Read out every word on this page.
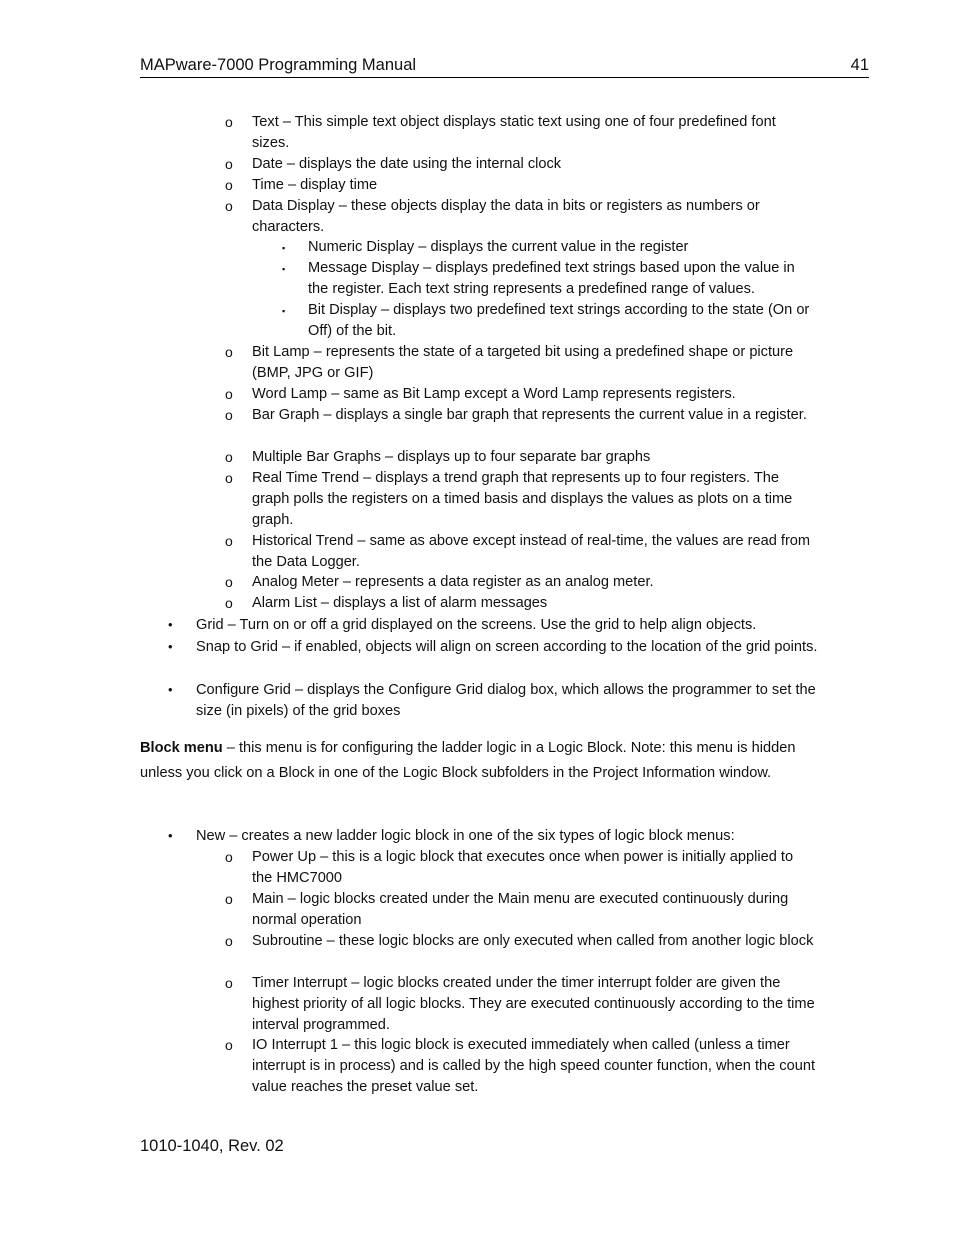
MAPware-7000 Programming Manual	41
o Text – This simple text object displays static text using one of four predefined font sizes.
o Date – displays the date using the internal clock
o Time – display time
o Data Display – these objects display the data in bits or registers as numbers or characters.
▪ Numeric Display – displays the current value in the register
▪ Message Display – displays predefined text strings based upon the value in the register. Each text string represents a predefined range of values.
▪ Bit Display – displays two predefined text strings according to the state (On or Off) of the bit.
o Bit Lamp – represents the state of a targeted bit using a predefined shape or picture (BMP, JPG or GIF)
o Word Lamp – same as Bit Lamp except a Word Lamp represents registers.
o Bar Graph – displays a single bar graph that represents the current value in a register.
o Multiple Bar Graphs – displays up to four separate bar graphs
o Real Time Trend – displays a trend graph that represents up to four registers. The graph polls the registers on a timed basis and displays the values as plots on a time graph.
o Historical Trend – same as above except instead of real-time, the values are read from the Data Logger.
o Analog Meter – represents a data register as an analog meter.
o Alarm List – displays a list of alarm messages
• Grid – Turn on or off a grid displayed on the screens. Use the grid to help align objects.
• Snap to Grid – if enabled, objects will align on screen according to the location of the grid points.
• Configure Grid – displays the Configure Grid dialog box, which allows the programmer to set the size (in pixels) of the grid boxes
Block menu – this menu is for configuring the ladder logic in a Logic Block. Note: this menu is hidden unless you click on a Block in one of the Logic Block subfolders in the Project Information window.
• New – creates a new ladder logic block in one of the six types of logic block menus:
o Power Up – this is a logic block that executes once when power is initially applied to the HMC7000
o Main – logic blocks created under the Main menu are executed continuously during normal operation
o Subroutine – these logic blocks are only executed when called from another logic block
o Timer Interrupt – logic blocks created under the timer interrupt folder are given the highest priority of all logic blocks. They are executed continuously according to the time interval programmed.
o IO Interrupt 1 – this logic block is executed immediately when called (unless a timer interrupt is in process) and is called by the high speed counter function, when the count value reaches the preset value set.
1010-1040, Rev. 02
